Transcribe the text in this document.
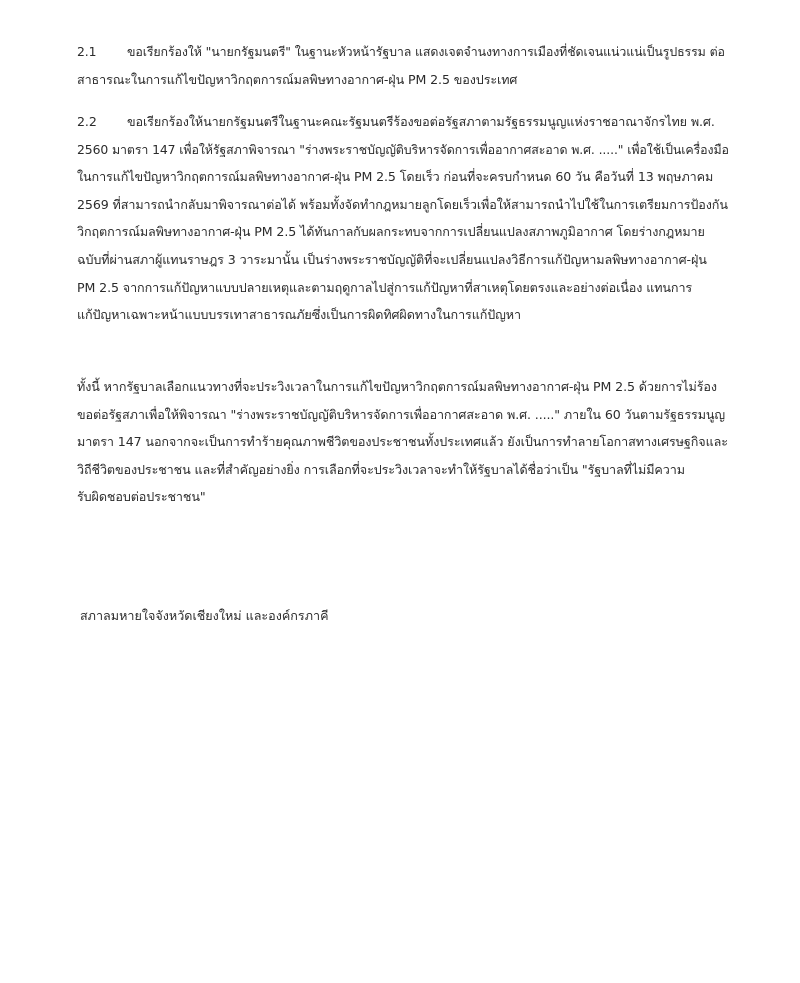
2.1 ขอเรียกร้องให้ "นายกรัฐมนตรี" ในฐานะหัวหน้ารัฐบาล แสดงเจตจำนงทางการเมืองที่ชัดเจนแน่วแน่เป็นรูปธรรม ต่อ
สาธารณะในการแก้ไขปัญหาวิกฤตการณ์มลพิษทางอากาศ-ฝุ่น PM 2.5 ของประเทศ
2.2 ขอเรียกร้องให้นายกรัฐมนตรีในฐานะคณะรัฐมนตรีร้องขอต่อรัฐสภาตามรัฐธรรมนูญแห่งราชอาณาจักรไทย พ.ศ.
2560 มาตรา 147 เพื่อให้รัฐสภาพิจารณา "ร่างพระราชบัญญัติบริหารจัดการเพื่ออากาศสะอาด พ.ศ. ....." เพื่อใช้เป็นเครื่องมือ
ในการแก้ไขปัญหาวิกฤตการณ์มลพิษทางอากาศ-ฝุ่น PM 2.5 โดยเร็ว ก่อนที่จะครบกำหนด 60 วัน คือวันที่ 13 พฤษภาคม
2569 ที่สามารถนำกลับมาพิจารณาต่อได้ พร้อมทั้งจัดทำกฎหมายลูกโดยเร็วเพื่อให้สามารถนำไปใช้ในการเตรียมการป้องกัน
วิกฤตการณ์มลพิษทางอากาศ-ฝุ่น PM 2.5 ได้ทันกาลกับผลกระทบจากการเปลี่ยนแปลงสภาพภูมิอากาศ โดยร่างกฎหมาย
ฉบับที่ผ่านสภาผู้แทนราษฎร 3 วาระมานั้น เป็นร่างพระราชบัญญัติที่จะเปลี่ยนแปลงวิธีการแก้ปัญหามลพิษทางอากาศ-ฝุ่น
PM 2.5 จากการแก้ปัญหาแบบปลายเหตุและตามฤดูกาลไปสู่การแก้ปัญหาที่สาเหตุโดยตรงและอย่างต่อเนื่อง แทนการ
แก้ปัญหาเฉพาะหน้าแบบบรรเทาสาธารณภัยซึ่งเป็นการผิดทิศผิดทางในการแก้ปัญหา
ทั้งนี้ หากรัฐบาลเลือกแนวทางที่จะประวิงเวลาในการแก้ไขปัญหาวิกฤตการณ์มลพิษทางอากาศ-ฝุ่น PM 2.5 ด้วยการไม่ร้อง
ขอต่อรัฐสภาเพื่อให้พิจารณา "ร่างพระราชบัญญัติบริหารจัดการเพื่ออากาศสะอาด พ.ศ. ....." ภายใน 60 วันตามรัฐธรรมนูญ
มาตรา 147 นอกจากจะเป็นการทำร้ายคุณภาพชีวิตของประชาชนทั้งประเทศแล้ว ยังเป็นการทำลายโอกาสทางเศรษฐกิจและ
วิถีชีวิตของประชาชน และที่สำคัญอย่างยิ่ง การเลือกที่จะประวิงเวลาจะทำให้รัฐบาลได้ชื่อว่าเป็น "รัฐบาลที่ไม่มีความ
รับผิดชอบต่อประชาชน"
สภาลมหายใจจังหวัดเชียงใหม่ และองค์กรภาคี
